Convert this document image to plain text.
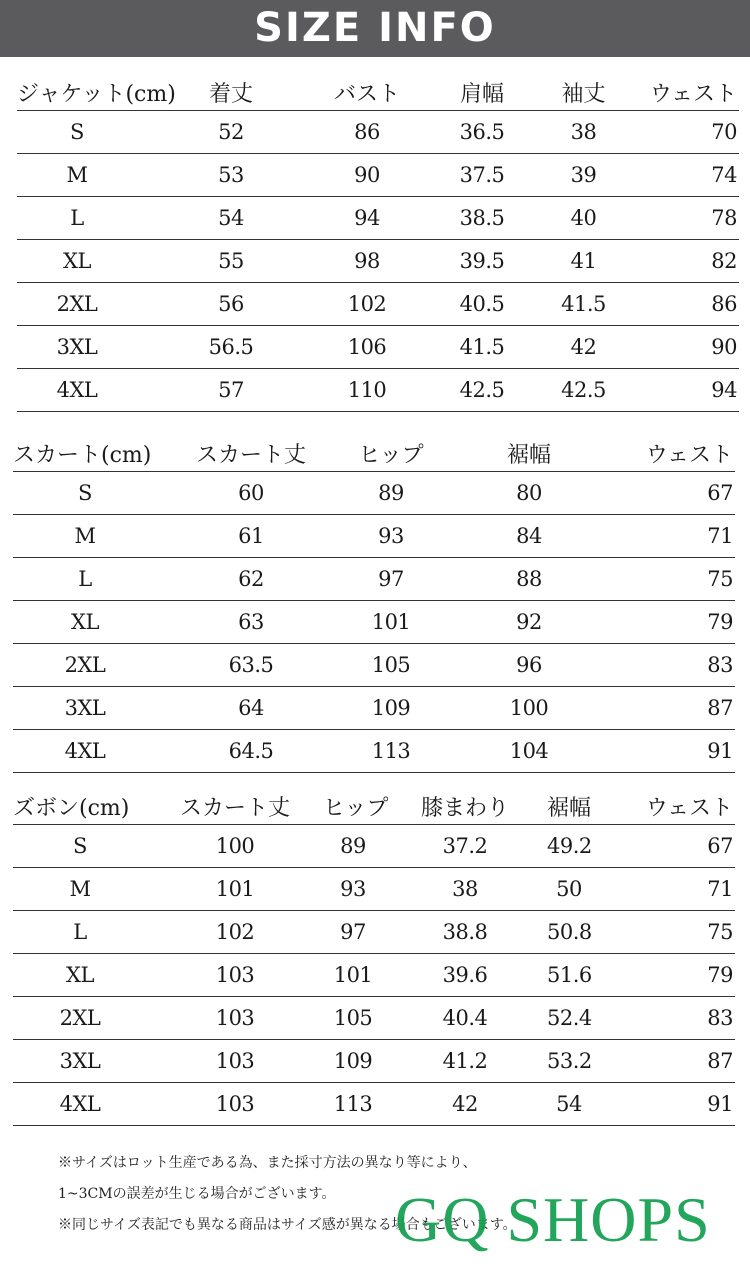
SIZE INFO
ジャケット(cm)	着丈	バスト	肩幅	袖丈	ウェスト
S	52	86	36.5	38	70
M	53	90	37.5	39	74
L	54	94	38.5	40	78
XL	55	98	39.5	41	82
2XL	56	102	40.5	41.5	86
3XL	56.5	106	41.5	42	90
4XL	57	110	42.5	42.5	94
スカート(cm)	スカート丈	ヒップ	裾幅	ウェスト
S	60	89	80	67
M	61	93	84	71
L	62	97	88	75
XL	63	101	92	79
2XL	63.5	105	96	83
3XL	64	109	100	87
4XL	64.5	113	104	91
ズボン(cm)	スカート丈	ヒップ	膝まわり	裾幅	ウェスト
S	100	89	37.2	49.2	67
M	101	93	38	50	71
L	102	97	38.8	50.8	75
XL	103	101	39.6	51.6	79
2XL	103	105	40.4	52.4	83
3XL	103	109	41.2	53.2	87
4XL	103	113	42	54	91
※サイズはロット生産である為、また採寸方法の異なり等により、
1~3CMの誤差が生じる場合がございます。
※同じサイズ表記でも異なる商品はサイズ感が異なる場合もございます。
GQ SHOPS
